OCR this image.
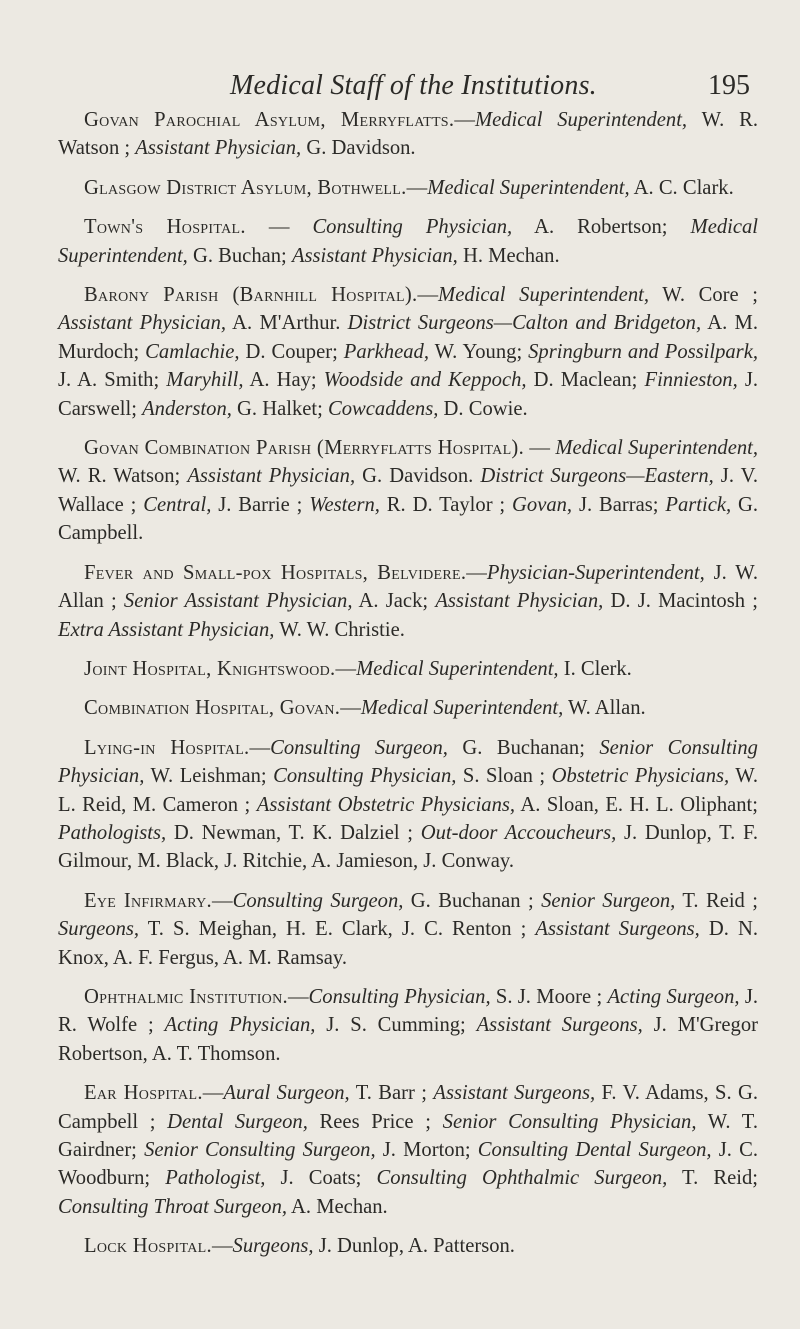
Medical Staff of the Institutions.	195

Govan Parochial Asylum, Merryflatts.—Medical Superintendent, W. R. Watson ; Assistant Physician, G. Davidson.

Glasgow District Asylum, Bothwell.—Medical Superintendent, A. C. Clark.

Town's Hospital. — Consulting Physician, A. Robertson; Medical Superintendent, G. Buchan; Assistant Physician, H. Mechan.

Barony Parish (Barnhill Hospital).—Medical Superintendent, W. Core ; Assistant Physician, A. M'Arthur. District Surgeons—Calton and Bridgeton, A. M. Murdoch; Camlachie, D. Couper; Parkhead, W. Young; Springburn and Possilpark, J. A. Smith; Maryhill, A. Hay; Woodside and Keppoch, D. Maclean; Finnieston, J. Carswell; Anderston, G. Halket; Cowcaddens, D. Cowie.

Govan Combination Parish (Merryflatts Hospital). — Medical Superintendent, W. R. Watson; Assistant Physician, G. Davidson. District Surgeons—Eastern, J. V. Wallace ; Central, J. Barrie ; Western, R. D. Taylor ; Govan, J. Barras; Partick, G. Campbell.

Fever and Small-pox Hospitals, Belvidere.—Physician-Superintendent, J. W. Allan ; Senior Assistant Physician, A. Jack; Assistant Physician, D. J. Macintosh ; Extra Assistant Physician, W. W. Christie.

Joint Hospital, Knightswood.—Medical Superintendent, I. Clerk.

Combination Hospital, Govan.—Medical Superintendent, W. Allan.

Lying-in Hospital.—Consulting Surgeon, G. Buchanan; Senior Consulting Physician, W. Leishman; Consulting Physician, S. Sloan ; Obstetric Physicians, W. L. Reid, M. Cameron ; Assistant Obstetric Physicians, A. Sloan, E. H. L. Oliphant; Pathologists, D. Newman, T. K. Dalziel ; Out-door Accoucheurs, J. Dunlop, T. F. Gilmour, M. Black, J. Ritchie, A. Jamieson, J. Conway.

Eye Infirmary.—Consulting Surgeon, G. Buchanan ; Senior Surgeon, T. Reid ; Surgeons, T. S. Meighan, H. E. Clark, J. C. Renton ; Assistant Surgeons, D. N. Knox, A. F. Fergus, A. M. Ramsay.

Ophthalmic Institution.—Consulting Physician, S. J. Moore ; Acting Surgeon, J. R. Wolfe ; Acting Physician, J. S. Cumming; Assistant Surgeons, J. M'Gregor Robertson, A. T. Thomson.

Ear Hospital.—Aural Surgeon, T. Barr ; Assistant Surgeons, F. V. Adams, S. G. Campbell ; Dental Surgeon, Rees Price ; Senior Consulting Physician, W. T. Gairdner; Senior Consulting Surgeon, J. Morton; Consulting Dental Surgeon, J. C. Woodburn; Pathologist, J. Coats; Consulting Ophthalmic Surgeon, T. Reid; Consulting Throat Surgeon, A. Mechan.

Lock Hospital.—Surgeons, J. Dunlop, A. Patterson.
